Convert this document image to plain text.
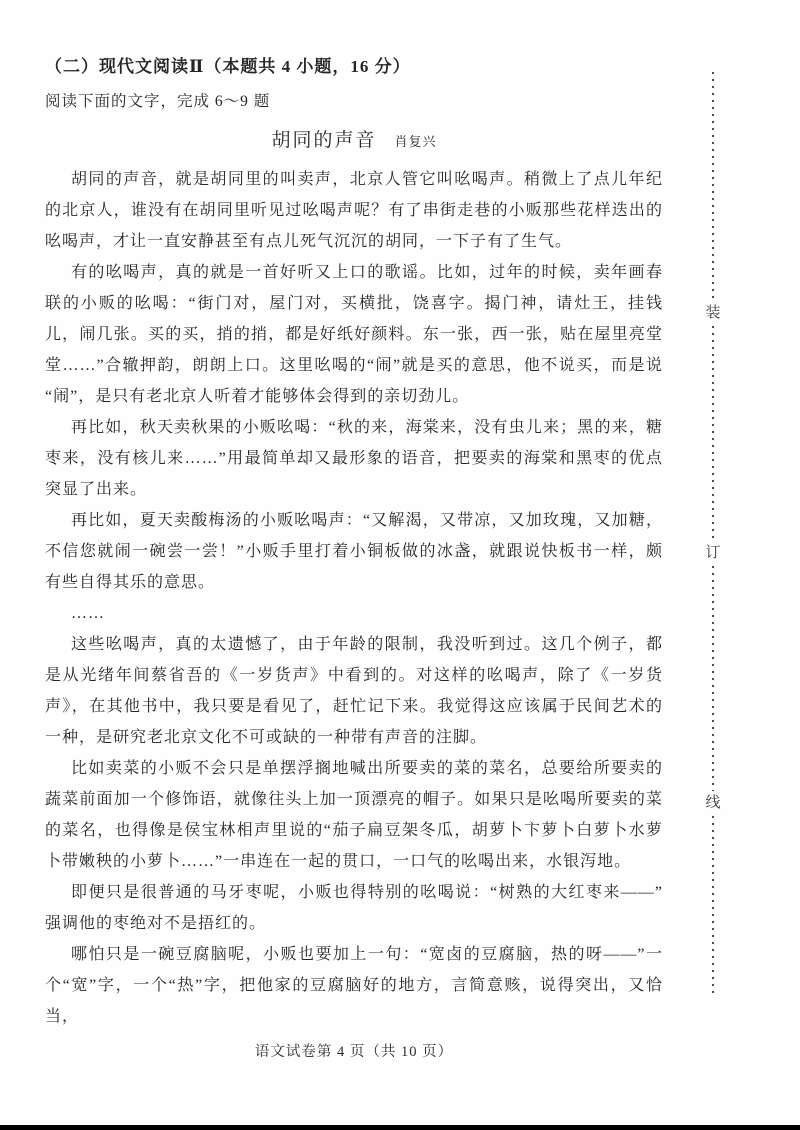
（二）现代文阅读Ⅱ（本题共 4 小题，16 分）
阅读下面的文字，完成 6～9 题
胡同的声音 肖复兴

胡同的声音，就是胡同里的叫卖声，北京人管它叫吆喝声。稍微上了点儿年纪的北京人，谁没有在胡同里听见过吆喝声呢？有了串街走巷的小贩那些花样迭出的吆喝声，才让一直安静甚至有点儿死气沉沉的胡同，一下子有了生气。

有的吆喝声，真的就是一首好听又上口的歌谣。比如，过年的时候，卖年画春联的小贩的吆喝：“街门对，屋门对，买横批，饶喜字。揭门神，请灶王，挂钱儿，闹几张。买的买，捎的捎，都是好纸好颜料。东一张，西一张，贴在屋里亮堂堂……”合辙押韵，朗朗上口。这里吆喝的“闹”就是买的意思，他不说买，而是说“闹”，是只有老北京人听着才能够体会得到的亲切劲儿。

再比如，秋天卖秋果的小贩吆喝：“秋的来，海棠来，没有虫儿来；黑的来，糖枣来，没有核儿来……”用最简单却又最形象的语音，把要卖的海棠和黑枣的优点突显了出来。

再比如，夏天卖酸梅汤的小贩吆喝声：“又解渴，又带凉，又加玫瑰，又加糖，不信您就闹一碗尝一尝！”小贩手里打着小铜板做的冰盏，就跟说快板书一样，颇有些自得其乐的意思。

……

这些吆喝声，真的太遗憾了，由于年龄的限制，我没听到过。这几个例子，都是从光绪年间蔡省吾的《一岁货声》中看到的。对这样的吆喝声，除了《一岁货声》，在其他书中，我只要是看见了，赶忙记下来。我觉得这应该属于民间艺术的一种，是研究老北京文化不可或缺的一种带有声音的注脚。

比如卖菜的小贩不会只是单摆浮搁地喊出所要卖的菜的菜名，总要给所要卖的蔬菜前面加一个修饰语，就像往头上加一顶漂亮的帽子。如果只是吆喝所要卖的菜的菜名，也得像是侯宝林相声里说的“茄子扁豆架冬瓜，胡萝卜卞萝卜白萝卜水萝卜带嫩秧的小萝卜……”一串连在一起的贯口，一口气的吆喝出来，水银泻地。

即便只是很普通的马牙枣呢，小贩也得特别的吆喝说：“树熟的大红枣来——”强调他的枣绝对不是捂红的。

哪怕只是一碗豆腐脑呢，小贩也要加上一句：“宽卤的豆腐脑，热的呀——”一个“宽”字，一个“热”字，把他家的豆腐脑好的地方，言简意赅，说得突出，又恰当，

装
订
线
语文试卷第 4 页（共 10 页）
